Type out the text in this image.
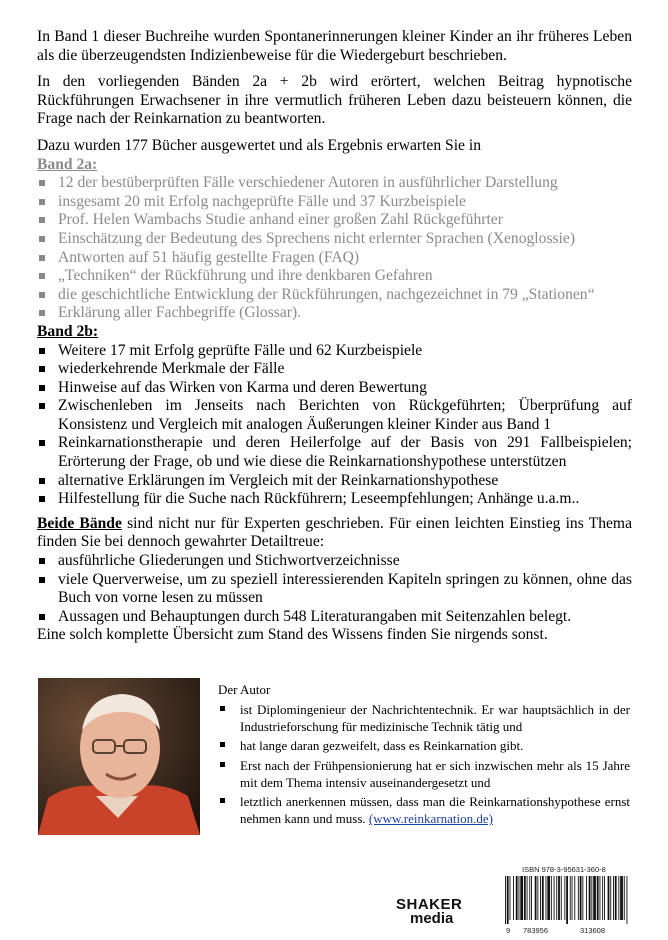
In Band 1 dieser Buchreihe wurden Spontanerinnerungen kleiner Kinder an ihr früheres Leben als die überzeugendsten Indizienbeweise für die Wiedergeburt beschrieben.

In den vorliegenden Bänden 2a + 2b wird erörtert, welchen Beitrag hypnotische Rückführungen Erwachsener in ihre vermutlich früheren Leben dazu beisteuern können, die Frage nach der Reinkarnation zu beantworten.

Dazu wurden 177 Bücher ausgewertet und als Ergebnis erwarten Sie in

Band 2a:
12 der bestüberprüften Fälle verschiedener Autoren in ausführlicher Darstellung
insgesamt 20 mit Erfolg nachgeprüfte Fälle und 37 Kurzbeispiele
Prof. Helen Wambachs Studie anhand einer großen Zahl Rückgeführter
Einschätzung der Bedeutung des Sprechens nicht erlernter Sprachen (Xenoglossie)
Antworten auf 51 häufig gestellte Fragen (FAQ)
„Techniken“ der Rückführung und ihre denkbaren Gefahren
die geschichtliche Entwicklung der Rückführungen, nachgezeichnet in 79 „Stationen“
Erklärung aller Fachbegriffe (Glossar).
Band 2b:
Weitere 17 mit Erfolg geprüfte Fälle und 62 Kurzbeispiele
wiederkehrende Merkmale der Fälle
Hinweise auf das Wirken von Karma und deren Bewertung
Zwischenleben im Jenseits nach Berichten von Rückgeführten; Überprüfung auf Konsistenz und Vergleich mit analogen Äußerungen kleiner Kinder aus Band 1
Reinkarnationstherapie und deren Heilerfolge auf der Basis von 291 Fallbeispielen; Erörterung der Frage, ob und wie diese die Reinkarnationshypothese unterstützen
alternative Erklärungen im Vergleich mit der Reinkarnationshypothese
Hilfestellung für die Suche nach Rückführern; Leseempfehlungen; Anhänge u.a.m..

Beide Bände sind nicht nur für Experten geschrieben. Für einen leichten Einstieg ins Thema finden Sie bei dennoch gewahrter Detailtreue:

ausführliche Gliederungen und Stichwortverzeichnisse
viele Querverweise, um zu speziell interessierenden Kapiteln springen zu können, ohne das Buch von vorne lesen zu müssen
Aussagen und Behauptungen durch 548 Literaturangaben mit Seitenzahlen belegt.

Eine solch komplette Übersicht zum Stand des Wissens finden Sie nirgends sonst.

Der Autor
ist Diplomingenieur der Nachrichtentechnik. Er war hauptsächlich in der Industrieforschung für medizinische Technik tätig und
hat lange daran gezweifelt, dass es Reinkarnation gibt.
Erst nach der Frühpensionierung hat er sich inzwischen mehr als 15 Jahre mit dem Thema intensiv auseinandergesetzt und
letztlich anerkennen müssen, dass man die Reinkarnationshypothese ernst nehmen kann und muss. (www.reinkarnation.de)
SHAKER
media
ISBN 978-3-95631-360-8
9 783956	313608
